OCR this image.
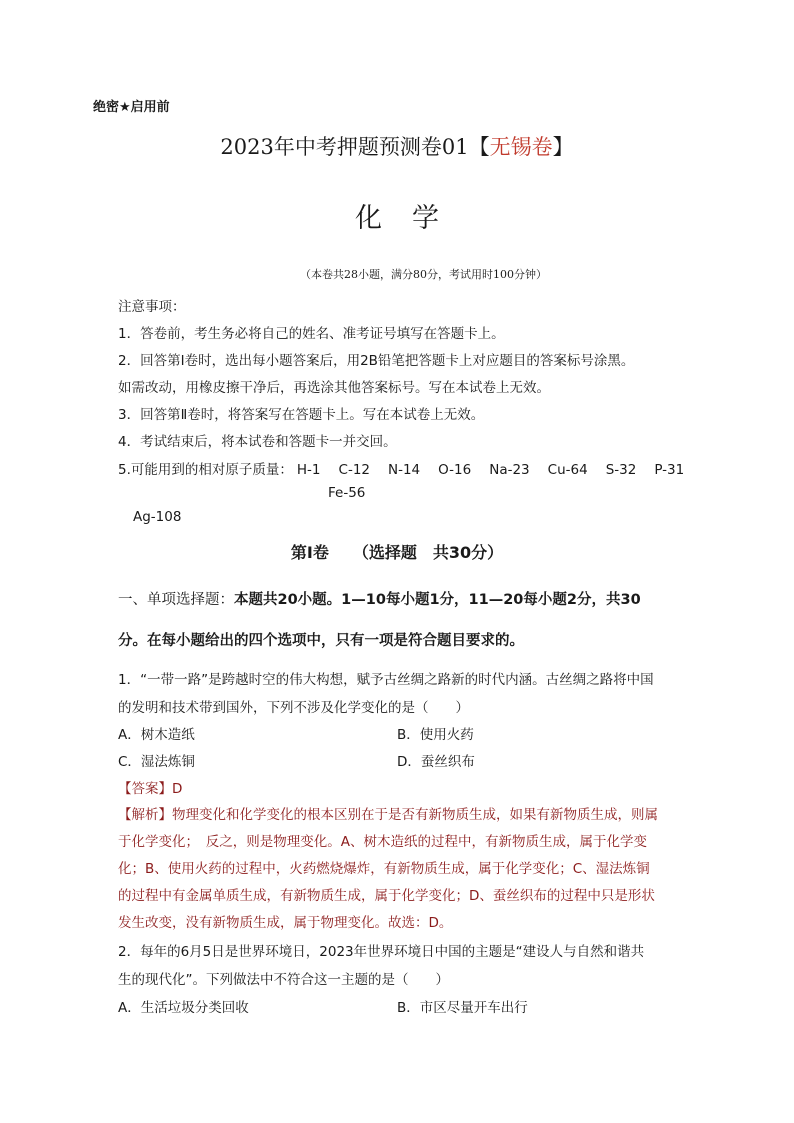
绝密★启用前
2023年中考押题预测卷01【无锡卷】
化学
（本卷共28小题，满分80分，考试用时100分钟）
注意事项：
1．答卷前，考生务必将自己的姓名、准考证号填写在答题卡上。
2．回答第Ⅰ卷时，选出每小题答案后，用2B铅笔把答题卡上对应题目的答案标号涂黑。
如需改动，用橡皮擦干净后，再选涂其他答案标号。写在本试卷上无效。
3．回答第Ⅱ卷时，将答案写在答题卡上。写在本试卷上无效。
4．考试结束后，将本试卷和答题卡一并交回。
5.可能用到的相对原子质量： H-1 C-12 N-14 O-16 Na-23 Cu-64 S-32 P-31
Fe-56
Ag-108
第Ⅰ卷　　（选择题　共30分）
一、单项选择题：本题共20小题。1—10每小题1分，11—20每小题2分，共30
分。在每小题给出的四个选项中，只有一项是符合题目要求的。
1．“一带一路”是跨越时空的伟大构想，赋予古丝绸之路新的时代内涵。古丝绸之路将中国
的发明和技术带到国外，下列不涉及化学变化的是（　　）
A．树木造纸	B．使用火药
C．湿法炼铜	D．蚕丝织布
【答案】D
【解析】物理变化和化学变化的根本区别在于是否有新物质生成，如果有新物质生成，则属
于化学变化；　反之，则是物理变化。A、树木造纸的过程中，有新物质生成，属于化学变
化；B、使用火药的过程中，火药燃烧爆炸，有新物质生成，属于化学变化；C、湿法炼铜
的过程中有金属单质生成，有新物质生成，属于化学变化；D、蚕丝织布的过程中只是形状
发生改变，没有新物质生成，属于物理变化。故选：D。
2．每年的6月5日是世界环境日，2023年世界环境日中国的主题是“建设人与自然和谐共
生的现代化”。下列做法中不符合这一主题的是（　　）
A．生活垃圾分类回收	B．市区尽量开车出行
